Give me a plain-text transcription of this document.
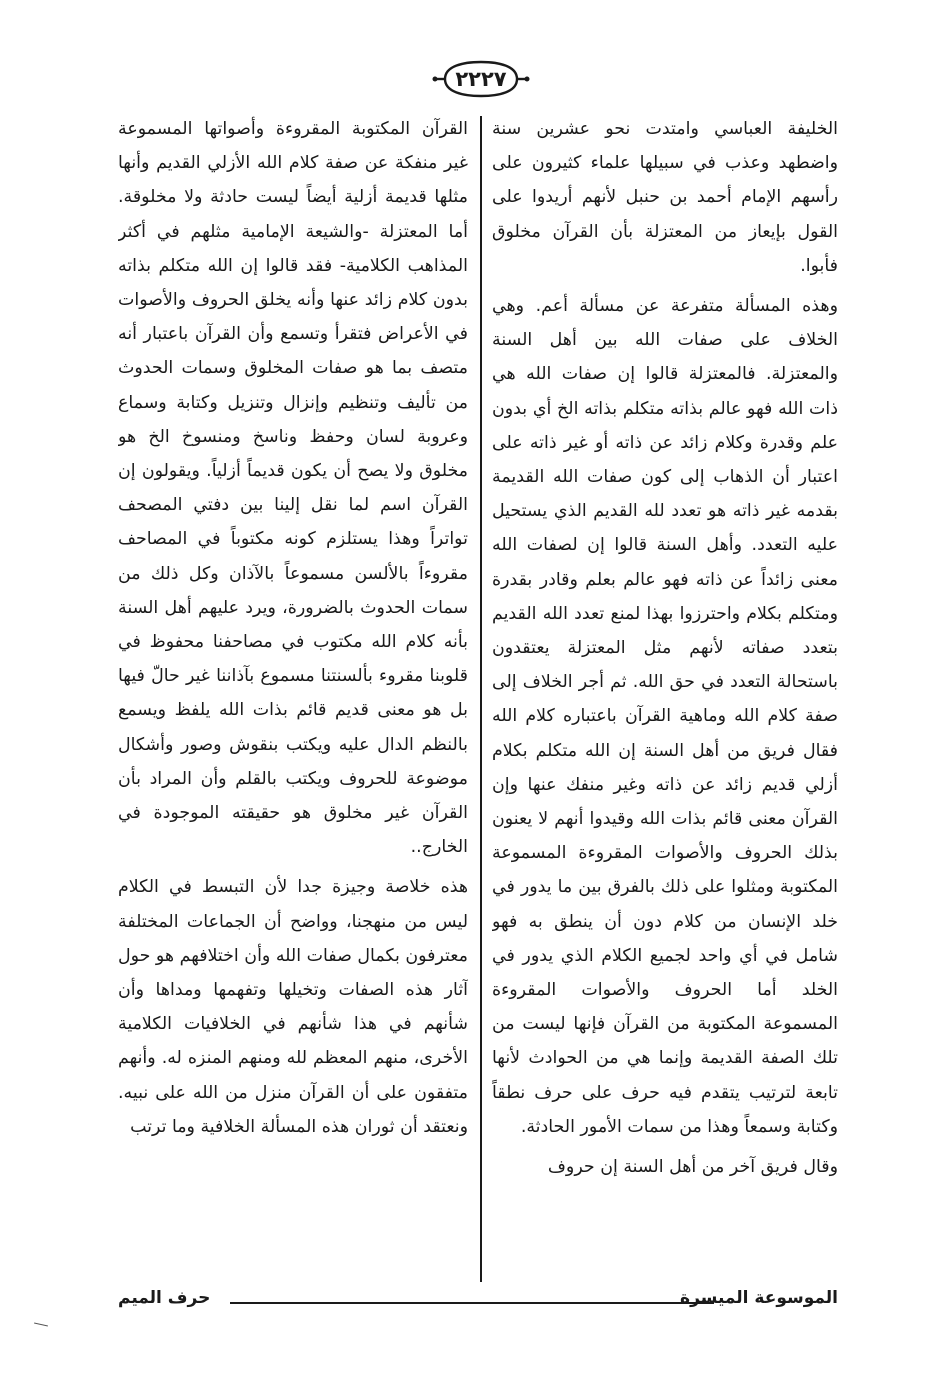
٢٢٢٧

الخليفة العباسي وامتدت نحو عشرين سنة واضطهد وعذب في سبيلها علماء كثيرون على رأسهم الإمام أحمد بن حنبل لأنهم أريدوا على القول بإيعاز من المعتزلة بأن القرآن مخلوق فأبوا.

وهذه المسألة متفرعة عن مسألة أعم. وهي الخلاف على صفات الله بين أهل السنة والمعتزلة. فالمعتزلة قالوا إن صفات الله هي ذات الله فهو عالم بذاته متكلم بذاته الخ أي بدون علم وقدرة وكلام زائد عن ذاته أو غير ذاته على اعتبار أن الذهاب إلى كون صفات الله القديمة بقدمه غير ذاته هو تعدد لله القديم الذي يستحيل عليه التعدد. وأهل السنة قالوا إن لصفات الله معنى زائداً عن ذاته فهو عالم بعلم وقادر بقدرة ومتكلم بكلام واحترزوا بهذا لمنع تعدد الله القديم بتعدد صفاته لأنهم مثل المعتزلة يعتقدون باستحالة التعدد في حق الله. ثم أجر الخلاف إلى صفة كلام الله وماهية القرآن باعتباره كلام الله فقال فريق من أهل السنة إن الله متكلم بكلام أزلي قديم زائد عن ذاته وغير منفك عنها وإن القرآن معنى قائم بذات الله وقيدوا أنهم لا يعنون بذلك الحروف والأصوات المقروءة المسموعة المكتوبة ومثلوا على ذلك بالفرق بين ما يدور في خلد الإنسان من كلام دون أن ينطق به فهو شامل في أي واحد لجميع الكلام الذي يدور في الخلد أما الحروف والأصوات المقروءة المسموعة المكتوبة من القرآن فإنها ليست من تلك الصفة القديمة وإنما هي من الحوادث لأنها تابعة لترتيب يتقدم فيه حرف على حرف نطقاً وكتابة وسمعاً وهذا من سمات الأمور الحادثة.

وقال فريق آخر من أهل السنة إن حروف

القرآن المكتوبة المقروءة وأصواتها المسموعة غير منفكة عن صفة كلام الله الأزلي القديم وأنها مثلها قديمة أزلية أيضاً ليست حادثة ولا مخلوقة. أما المعتزلة -والشيعة الإمامية مثلهم في أكثر المذاهب الكلامية- فقد قالوا إن الله متكلم بذاته بدون كلام زائد عنها وأنه يخلق الحروف والأصوات في الأعراض فتقرأ وتسمع وأن القرآن باعتبار أنه متصف بما هو صفات المخلوق وسمات الحدوث من تأليف وتنظيم وإنزال وتنزيل وكتابة وسماع وعروبة لسان وحفظ وناسخ ومنسوخ الخ هو مخلوق ولا يصح أن يكون قديماً أزلياً. ويقولون إن القرآن اسم لما نقل إلينا بين دفتي المصحف تواتراً وهذا يستلزم كونه مكتوباً في المصاحف مقروءاً بالألسن مسموعاً بالآذان وكل ذلك من سمات الحدوث بالضرورة، ويرد عليهم أهل السنة بأنه كلام الله مكتوب في مصاحفنا محفوظ في قلوبنا مقروء بألسنتنا مسموع بآذاننا غير حالّ فيها بل هو معنى قديم قائم بذات الله يلفظ ويسمع بالنظم الدال عليه ويكتب بنقوش وصور وأشكال موضوعة للحروف ويكتب بالقلم وأن المراد بأن القرآن غير مخلوق هو حقيقته الموجودة في الخارج..

هذه خلاصة وجيزة جدا لأن التبسط في الكلام ليس من منهجنا، وواضح أن الجماعات المختلفة معترفون بكمال صفات الله وأن اختلافهم هو حول آثار هذه الصفات وتخيلها وتفهمها ومداها وأن شأنهم في هذا شأنهم في الخلافيات الكلامية الأخرى، منهم المعظم لله ومنهم المنزه له. وأنهم متفقون على أن القرآن منزل من الله على نبيه. ونعتقد أن ثوران هذه المسألة الخلافية وما ترتب

الموسوعة الميسرة
حرف الميم
